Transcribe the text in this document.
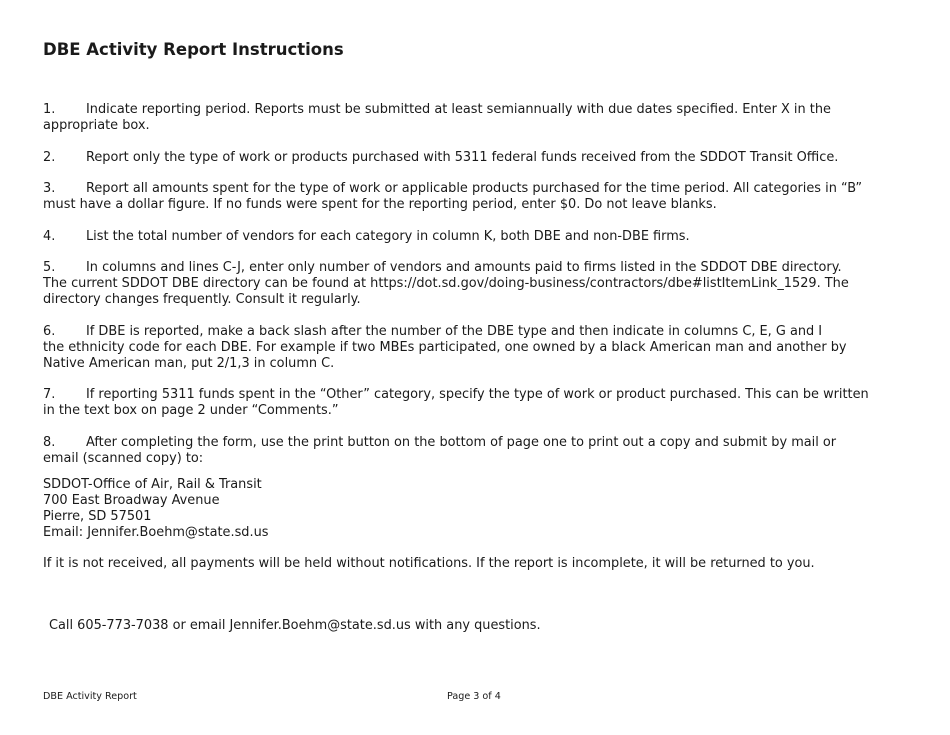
DBE Activity Report Instructions
1. Indicate reporting period. Reports must be submitted at least semiannually with due dates specified. Enter X in the
appropriate box.
2. Report only the type of work or products purchased with 5311 federal funds received from the SDDOT Transit Office.
3. Report all amounts spent for the type of work or applicable products purchased for the time period. All categories in “B”
must have a dollar figure. If no funds were spent for the reporting period, enter $0. Do not leave blanks.
4. List the total number of vendors for each category in column K, both DBE and non-DBE firms.
5. In columns and lines C-J, enter only number of vendors and amounts paid to firms listed in the SDDOT DBE directory.
The current SDDOT DBE directory can be found at https://dot.sd.gov/doing-business/contractors/dbe#listItemLink_1529. The
directory changes frequently. Consult it regularly.
6. If DBE is reported, make a back slash after the number of the DBE type and then indicate in columns C, E, G and I
the ethnicity code for each DBE. For example if two MBEs participated, one owned by a black American man and another by
Native American man, put 2/1,3 in column C.
7. If reporting 5311 funds spent in the “Other” category, specify the type of work or product purchased. This can be written
in the text box on page 2 under “Comments.”
8. After completing the form, use the print button on the bottom of page one to print out a copy and submit by mail or
email (scanned copy) to:
SDDOT-Office of Air, Rail & Transit
700 East Broadway Avenue
Pierre, SD 57501
Email: Jennifer.Boehm@state.sd.us
If it is not received, all payments will be held without notifications. If the report is incomplete, it will be returned to you.
Call 605-773-7038 or email Jennifer.Boehm@state.sd.us with any questions.
DBE Activity Report	Page 3 of 4
